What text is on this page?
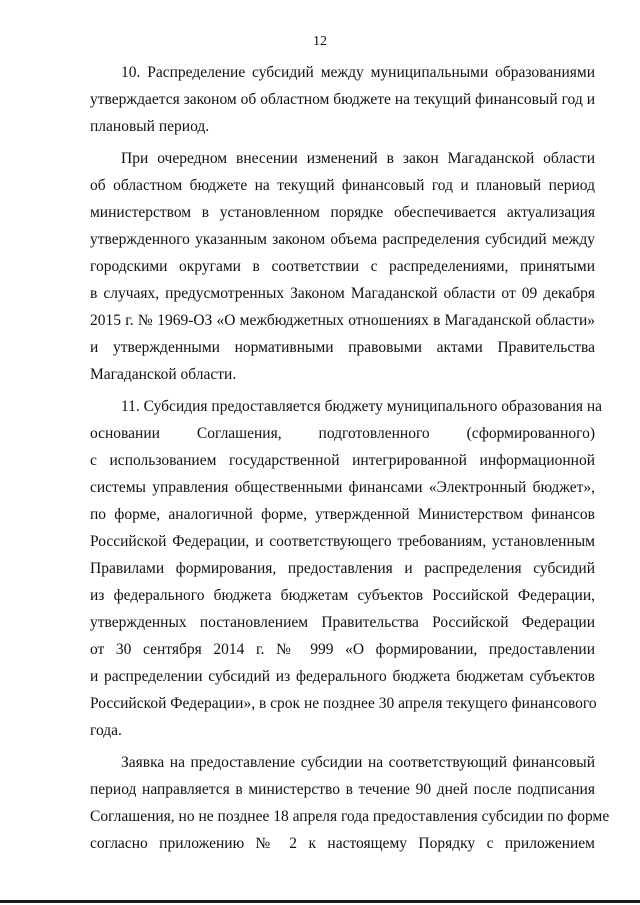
12
10. Распределение субсидий между муниципальными образованиями
утверждается законом об областном бюджете на текущий финансовый год и
плановый период.
При очередном внесении изменений в закон Магаданской области
об областном бюджете на текущий финансовый год и плановый период
министерством в установленном порядке обеспечивается актуализация
утвержденного указанным законом объема распределения субсидий между
городскими округами в соответствии с распределениями, принятыми
в случаях, предусмотренных Законом Магаданской области от 09 декабря
2015 г. № 1969-ОЗ «О межбюджетных отношениях в Магаданской области»
и утвержденными нормативными правовыми актами Правительства
Магаданской области.
11. Субсидия предоставляется бюджету муниципального образования на
основании Соглашения, подготовленного (сформированного)
с использованием государственной интегрированной информационной
системы управления общественными финансами «Электронный бюджет»,
по форме, аналогичной форме, утвержденной Министерством финансов
Российской Федерации, и соответствующего требованиям, установленным
Правилами формирования, предоставления и распределения субсидий
из федерального бюджета бюджетам субъектов Российской Федерации,
утвержденных постановлением Правительства Российской Федерации
от 30 сентября 2014 г. № 999 «О формировании, предоставлении
и распределении субсидий из федерального бюджета бюджетам субъектов
Российской Федерации», в срок не позднее 30 апреля текущего финансового
года.
Заявка на предоставление субсидии на соответствующий финансовый
период направляется в министерство в течение 90 дней после подписания
Соглашения, но не позднее 18 апреля года предоставления субсидии по форме
согласно приложению № 2 к настоящему Порядку с приложением
